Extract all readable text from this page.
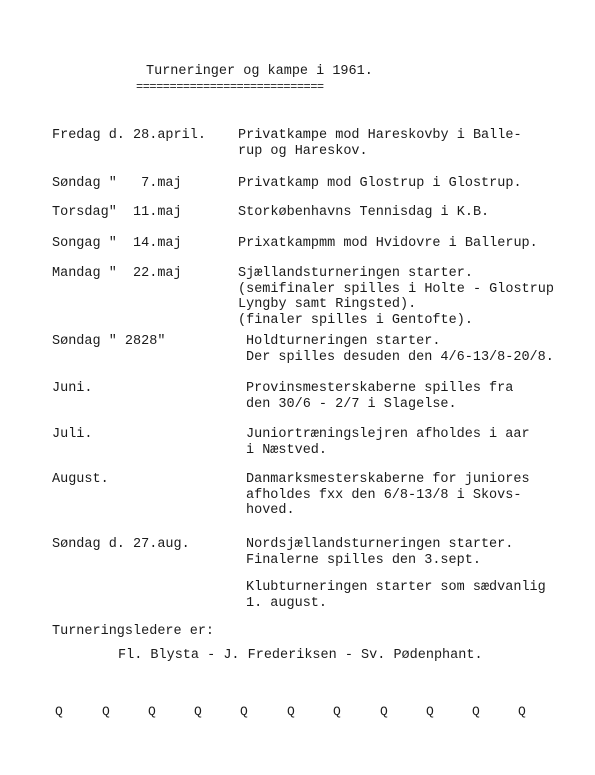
Turneringer og kampe i 1961.
============================
Fredag d. 28.april. Privatkampe mod Hareskovby i Balle-
rup og Hareskov.
Søndag "   7.maj	Privatkamp mod Glostrup i Glostrup.
Torsdag"  11.maj	Storkøbenhavns Tennisdag i K.B.
Songag "  14.maj	Prixatkampmm mod Hvidovre i Ballerup.
Mandag "  22.maj	Sjællandsturneringen starter.
(semifinaler spilles i Holte - Glostrup
Lyngby samt Ringsted).
(finaler spilles i Gentofte).
Søndag " 2828"	Holdturneringen starter.
Der spilles desuden den 4/6-13/8-20/8.
Juni.	Provinsmesterskaberne spilles fra
den 30/6 - 2/7 i Slagelse.
Juli.	Juniortræningslejren afholdes i aar
i Næstved.
August.	Danmarksmesterskaberne for juniores
afholdes fxx den 6/8-13/8 i Skovs-
hoved.
Søndag d. 27.aug.	Nordsjællandsturneringen starter.
Finalerne spilles den 3.sept.
Klubturneringen starter som sædvanlig
1. august.
Turneringsledere er:
Fl. Blysta - J. Frederiksen - Sv. Pødenphant.
Q	Q	Q	Q	Q	Q	Q	Q	Q	Q	Q
